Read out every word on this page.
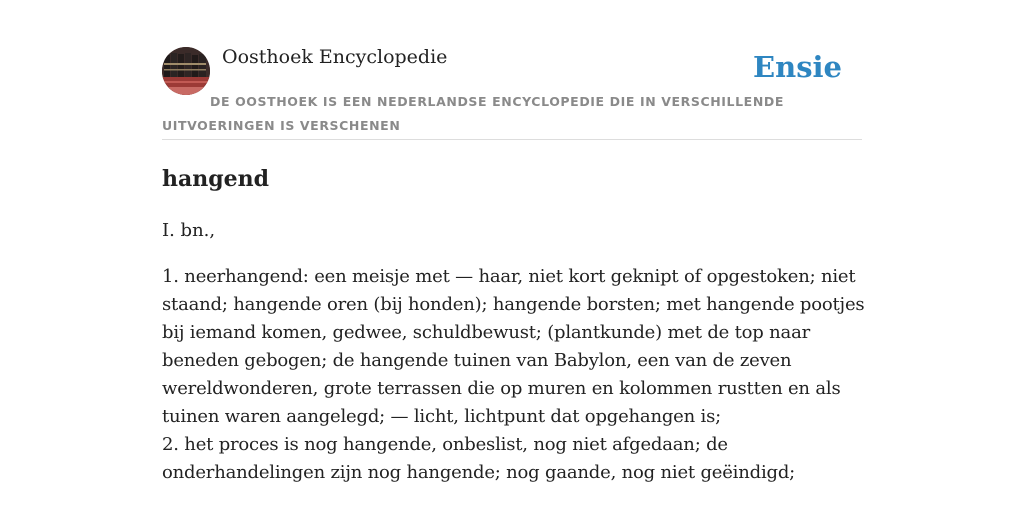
Oosthoek Encyclopedie	Ensie
DE OOSTHOEK IS EEN NEDERLANDSE ENCYCLOPEDIE DIE IN VERSCHILLENDE UITVOERINGEN IS VERSCHENEN
hangend

I. bn.,

1. neerhangend: een meisje met — haar, niet kort geknipt of opgestoken; niet staand; hangende oren (bij honden); hangende borsten; met hangende pootjes bij iemand komen, gedwee, schuldbewust; (plantkunde) met de top naar beneden gebogen; de hangende tuinen van Babylon, een van de zeven wereldwonderen, grote terrassen die op muren en kolommen rustten en als tuinen waren aangelegd; — licht, lichtpunt dat opgehangen is;

2. het proces is nog hangende, onbeslist, nog niet afgedaan; de onderhandelingen zijn nog hangende; nog gaande, nog niet geëindigd;
